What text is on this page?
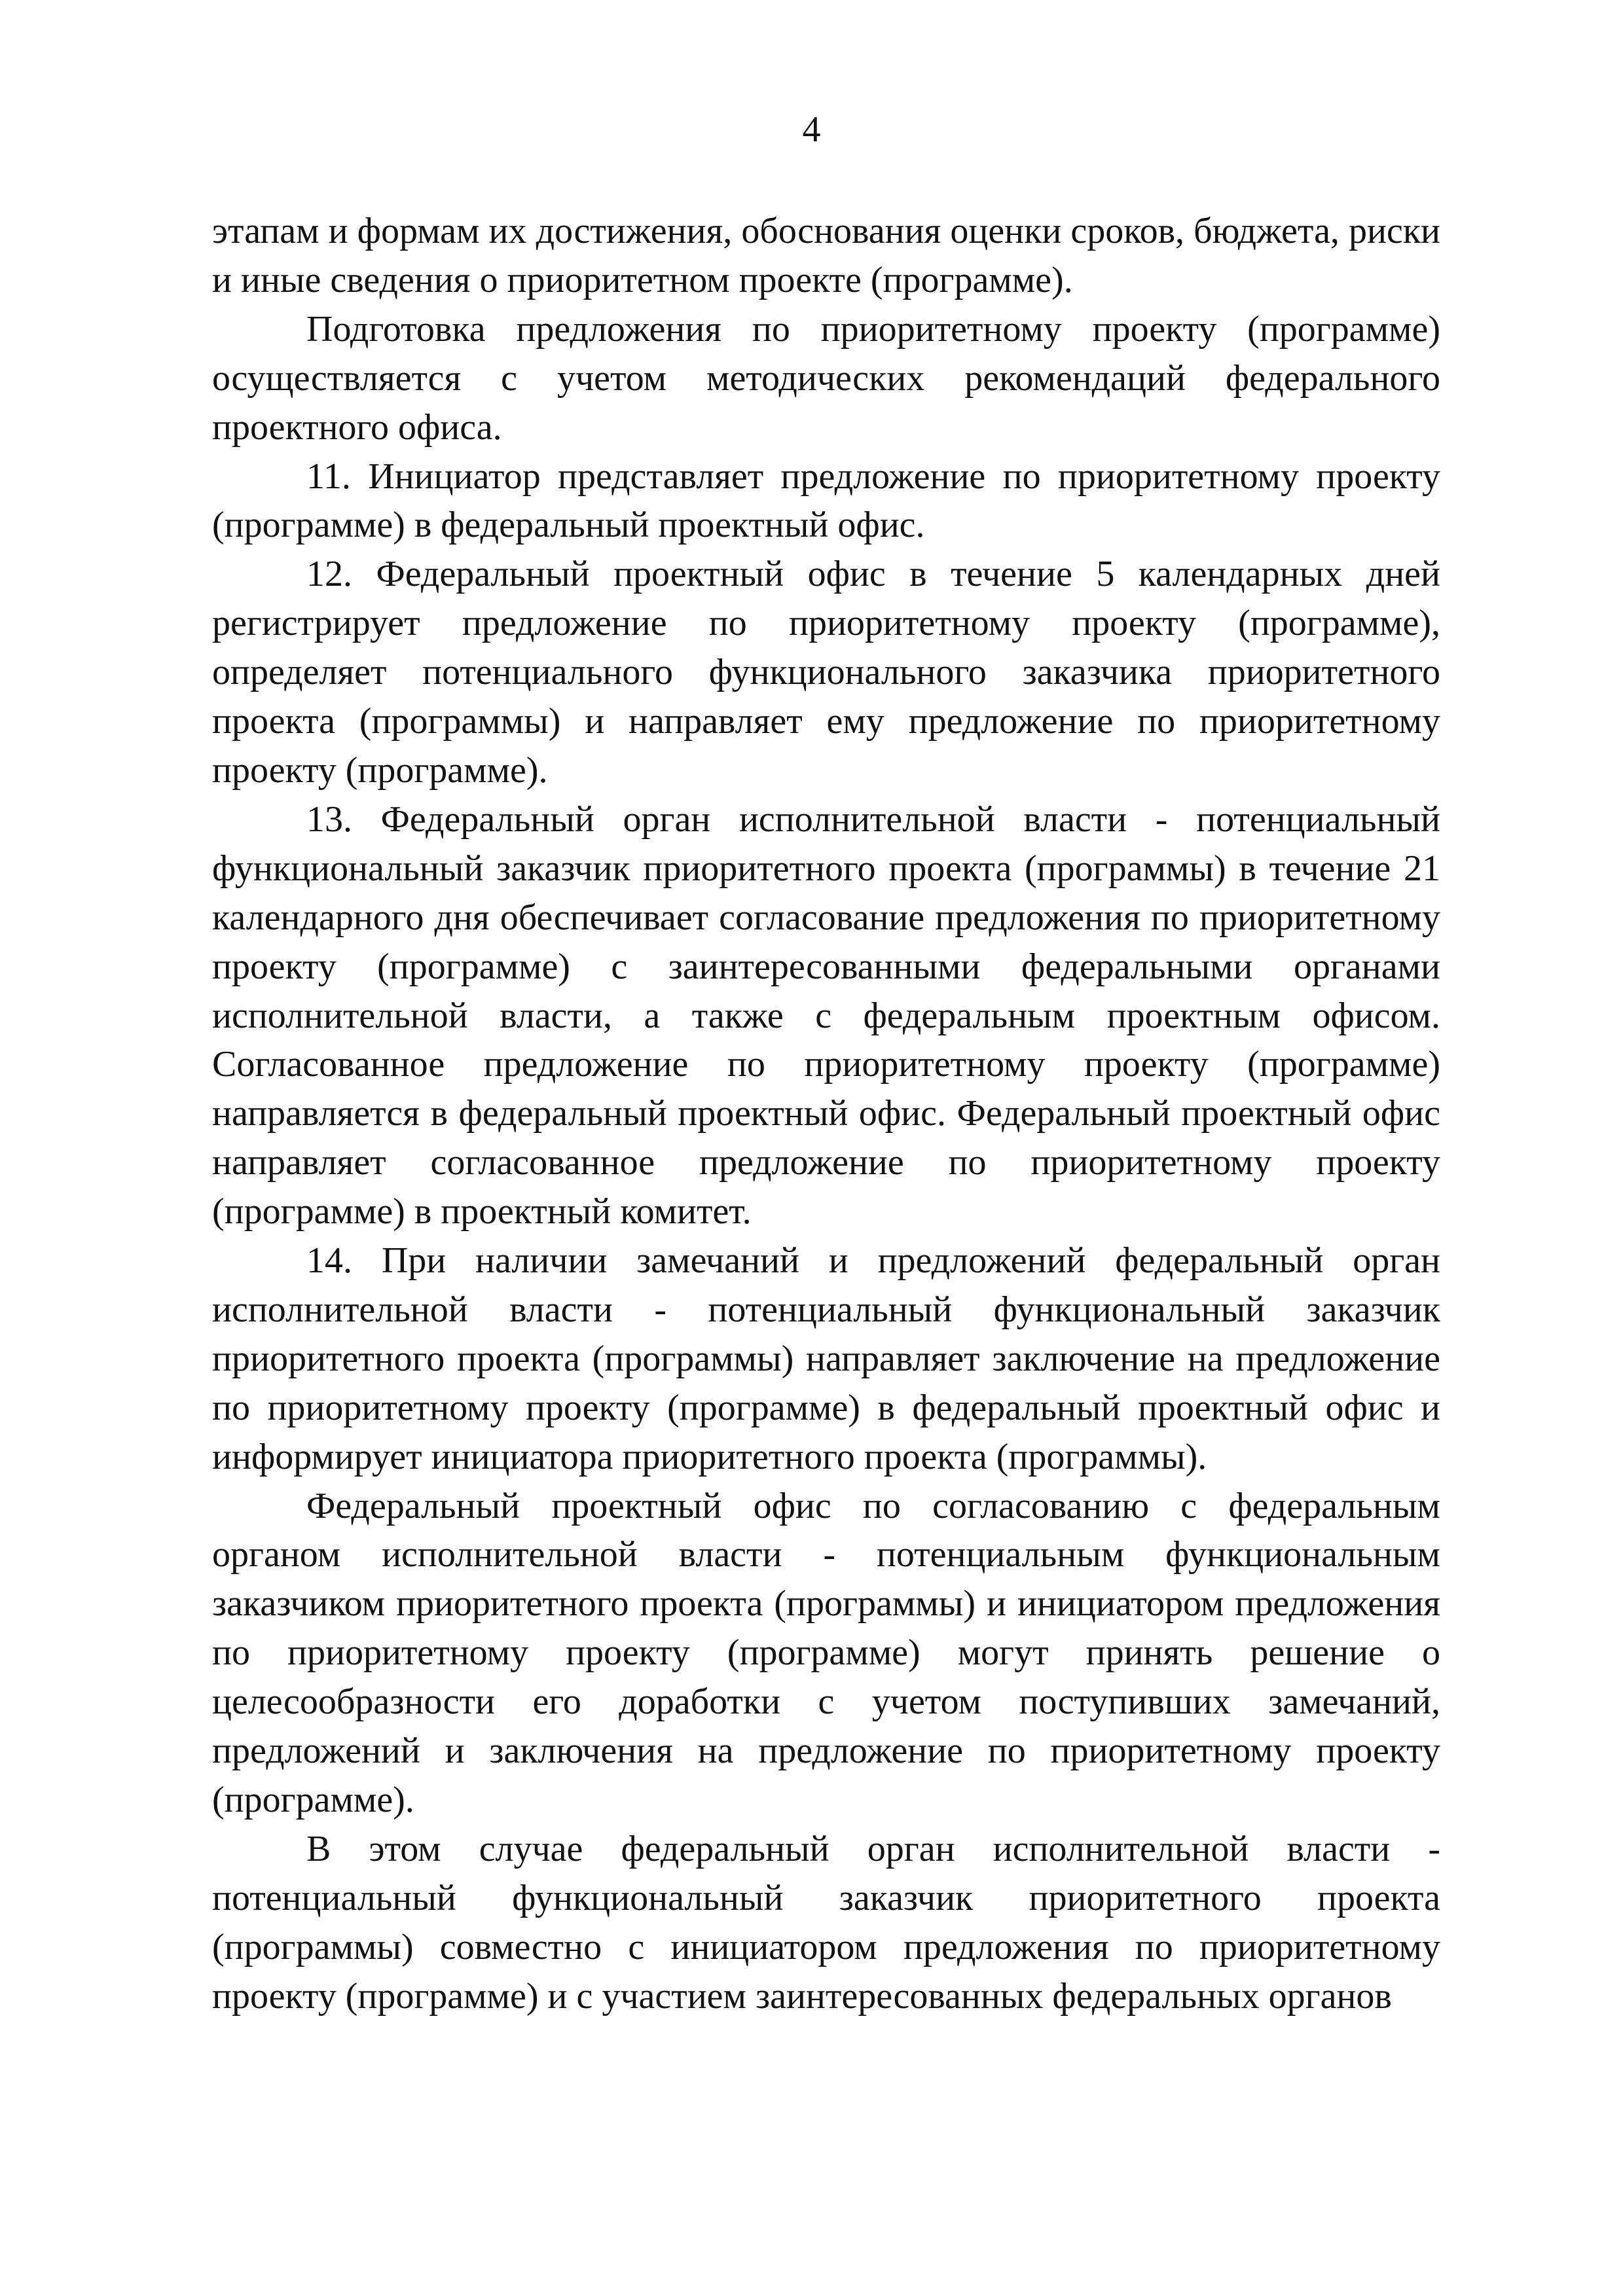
4

этапам и формам их достижения, обоснования оценки сроков, бюджета, риски и иные сведения о приоритетном проекте (программе).

Подготовка предложения по приоритетному проекту (программе) осуществляется с учетом методических рекомендаций федерального проектного офиса.

11. Инициатор представляет предложение по приоритетному проекту (программе) в федеральный проектный офис.

12. Федеральный проектный офис в течение 5 календарных дней регистрирует предложение по приоритетному проекту (программе), определяет потенциального функционального заказчика приоритетного проекта (программы) и направляет ему предложение по приоритетному проекту (программе).

13. Федеральный орган исполнительной власти - потенциальный функциональный заказчик приоритетного проекта (программы) в течение 21 календарного дня обеспечивает согласование предложения по приоритетному проекту (программе) с заинтересованными федеральными органами исполнительной власти, а также с федеральным проектным офисом. Согласованное предложение по приоритетному проекту (программе) направляется в федеральный проектный офис. Федеральный проектный офис направляет согласованное предложение по приоритетному проекту (программе) в проектный комитет.

14. При наличии замечаний и предложений федеральный орган исполнительной власти - потенциальный функциональный заказчик приоритетного проекта (программы) направляет заключение на предложение по приоритетному проекту (программе) в федеральный проектный офис и информирует инициатора приоритетного проекта (программы).

Федеральный проектный офис по согласованию с федеральным органом исполнительной власти - потенциальным функциональным заказчиком приоритетного проекта (программы) и инициатором предложения по приоритетному проекту (программе) могут принять решение о целесообразности его доработки с учетом поступивших замечаний, предложений и заключения на предложение по приоритетному проекту (программе).

В этом случае федеральный орган исполнительной власти - потенциальный функциональный заказчик приоритетного проекта (программы) совместно с инициатором предложения по приоритетному проекту (программе) и с участием заинтересованных федеральных органов
